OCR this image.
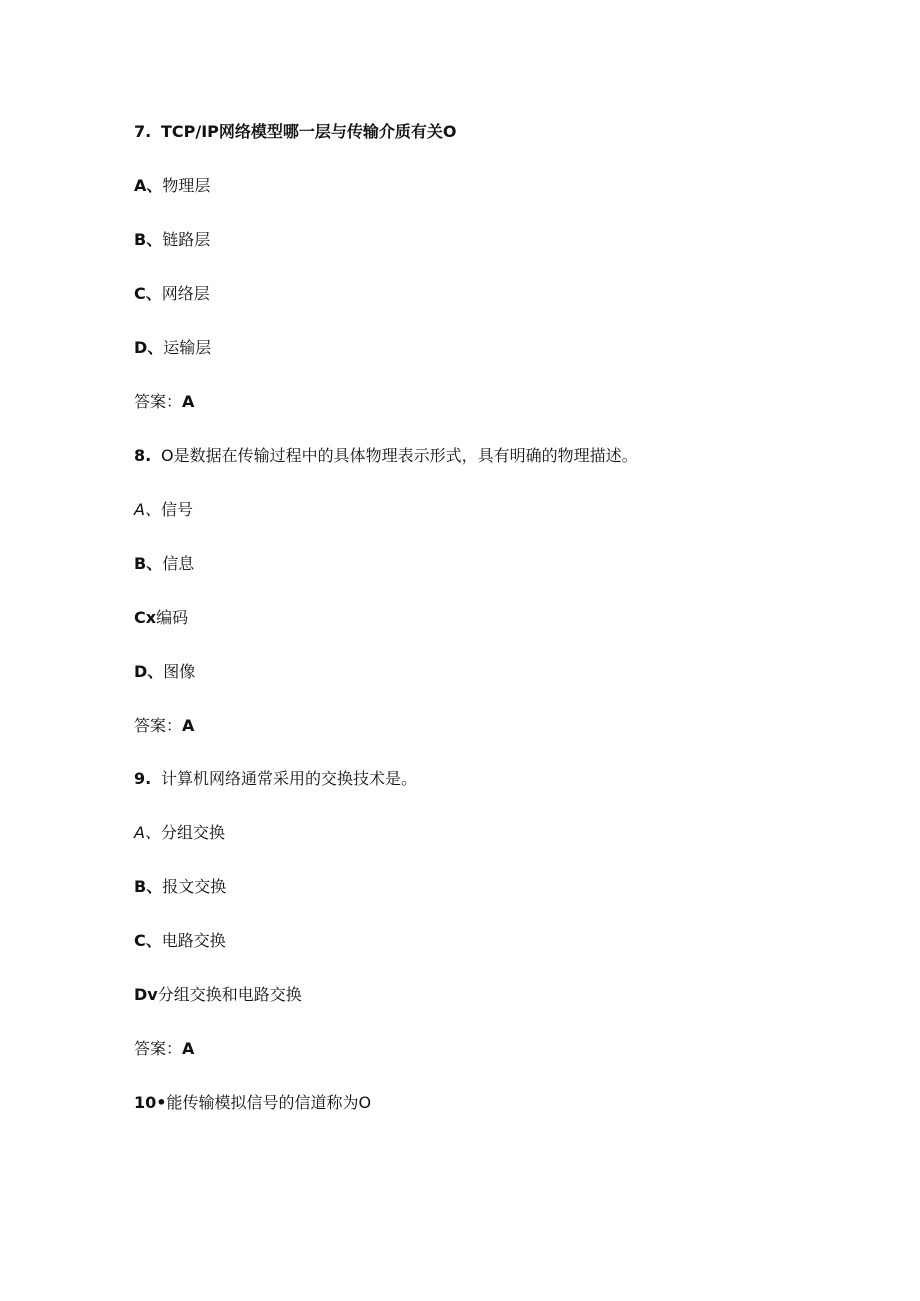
7. TCP/IP网络模型哪一层与传输介质有关O
A、物理层
B、链路层
C、网络层
D、运输层
答案：A
8. O是数据在传输过程中的具体物理表示形式，具有明确的物理描述。
A、信号
B、信息
Cx编码
D、图像
答案：A
9. 计算机网络通常采用的交换技术是。
A、分组交换
B、报文交换
C、电路交换
Dv分组交换和电路交换
答案：A
10•能传输模拟信号的信道称为O
